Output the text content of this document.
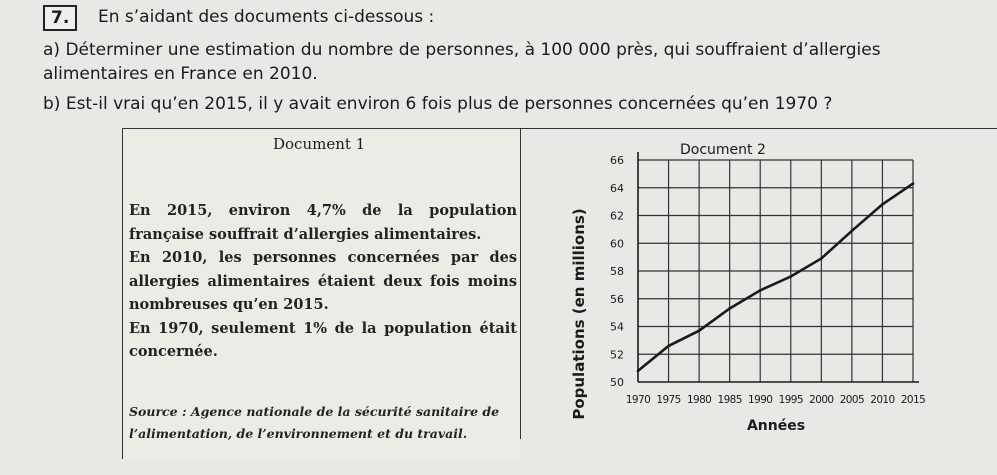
7.	En s’aidant des documents ci-dessous :
a) Déterminer une estimation du nombre de personnes, à 100 000 près, qui souffraient d’allergies alimentaires en France en 2010.
b) Est-il vrai qu’en 2015, il y avait environ 6 fois plus de personnes concernées qu’en 1970 ?
Document 1

En 2015, environ 4,7% de la population française souffrait d’allergies alimentaires.

En 2010, les personnes concernées par des allergies alimentaires étaient deux fois moins nombreuses qu’en 2015.

En 1970, seulement 1% de la population était concernée.

Source : Agence nationale de la sécurité sanitaire de l’alimentation, de l’environnement et du travail.
50
52
54
56
58
60
62
64
66
1970 1975 1980 1985 1990 1995 2000 2005 2010 2015
Document 2
Populations (en millions)
Années
